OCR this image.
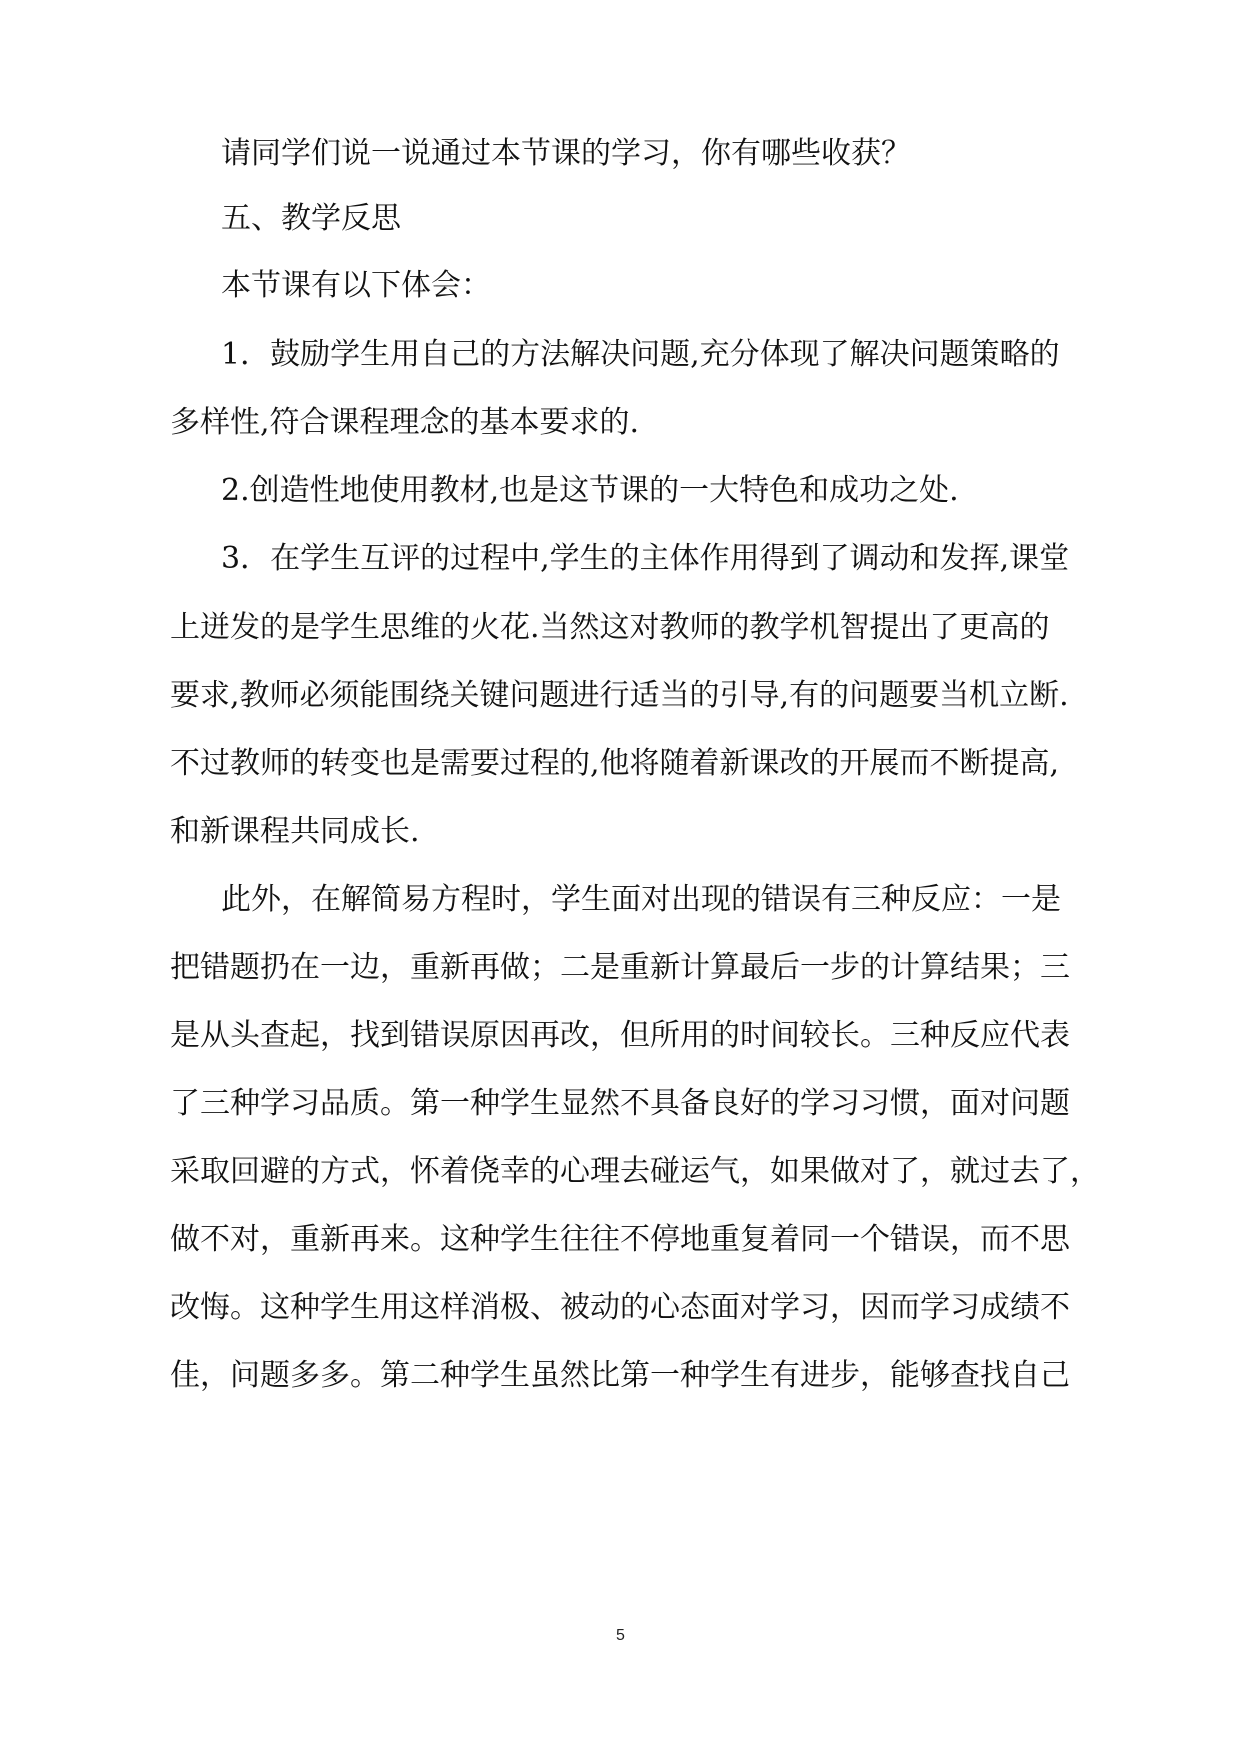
请同学们说一说通过本节课的学习，你有哪些收获？
五、教学反思
本节课有以下体会：
1．鼓励学生用自己的方法解决问题,充分体现了解决问题策略的
多样性,符合课程理念的基本要求的.
2.创造性地使用教材,也是这节课的一大特色和成功之处.
3．在学生互评的过程中,学生的主体作用得到了调动和发挥,课堂
上迸发的是学生思维的火花.当然这对教师的教学机智提出了更高的
要求,教师必须能围绕关键问题进行适当的引导,有的问题要当机立断.
不过教师的转变也是需要过程的,他将随着新课改的开展而不断提高,
和新课程共同成长.
此外，在解简易方程时，学生面对出现的错误有三种反应：一是
把错题扔在一边，重新再做；二是重新计算最后一步的计算结果；三
是从头查起，找到错误原因再改，但所用的时间较长。三种反应代表
了三种学习品质。第一种学生显然不具备良好的学习习惯，面对问题
采取回避的方式，怀着侥幸的心理去碰运气，如果做对了，就过去了，
做不对，重新再来。这种学生往往不停地重复着同一个错误，而不思
改悔。这种学生用这样消极、被动的心态面对学习，因而学习成绩不
佳，问题多多。第二种学生虽然比第一种学生有进步，能够查找自己
5
